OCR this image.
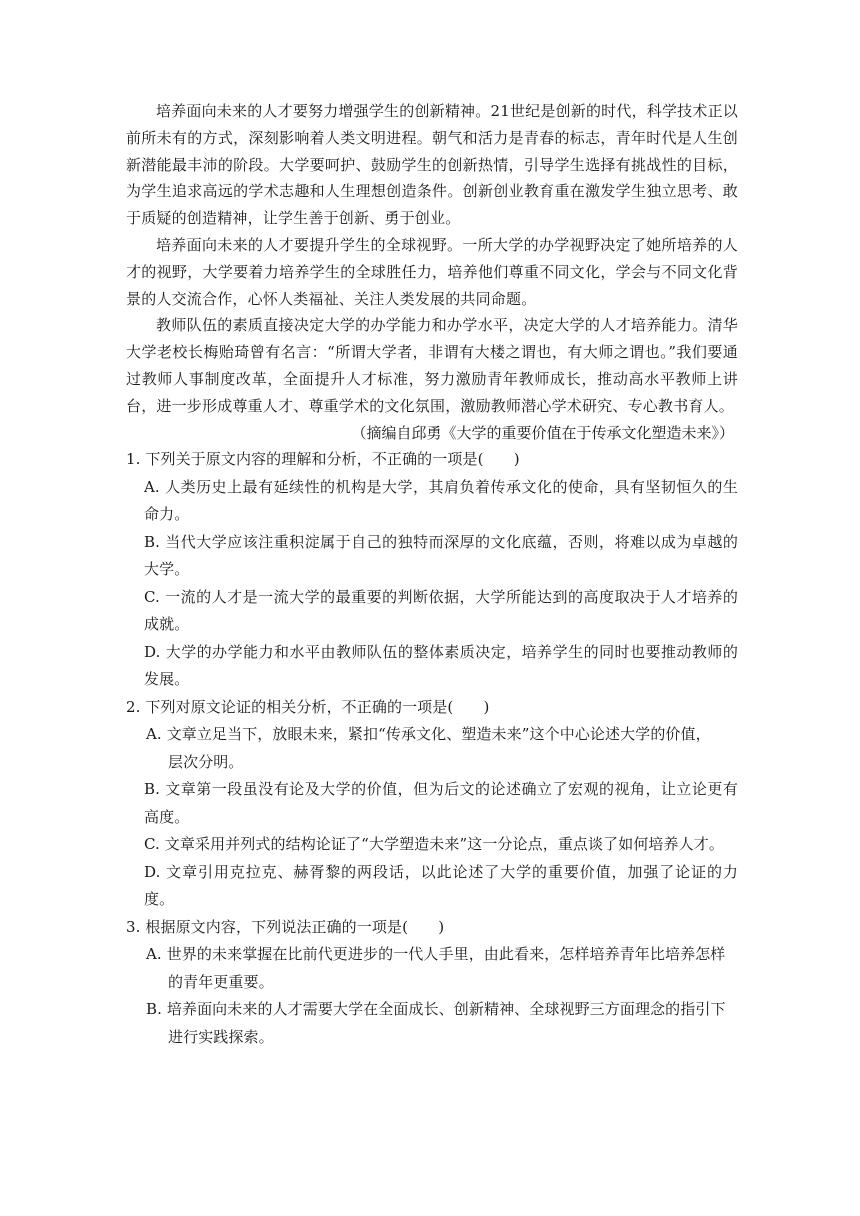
培养面向未来的人才要努力增强学生的创新精神。21世纪是创新的时代，科学技术正以前所未有的方式，深刻影响着人类文明进程。朝气和活力是青春的标志，青年时代是人生创新潜能最丰沛的阶段。大学要呵护、鼓励学生的创新热情，引导学生选择有挑战性的目标，为学生追求高远的学术志趣和人生理想创造条件。创新创业教育重在激发学生独立思考、敢于质疑的创造精神，让学生善于创新、勇于创业。

培养面向未来的人才要提升学生的全球视野。一所大学的办学视野决定了她所培养的人才的视野，大学要着力培养学生的全球胜任力，培养他们尊重不同文化，学会与不同文化背景的人交流合作，心怀人类福祉、关注人类发展的共同命题。

教师队伍的素质直接决定大学的办学能力和办学水平，决定大学的人才培养能力。清华大学老校长梅贻琦曾有名言：“所谓大学者，非谓有大楼之谓也，有大师之谓也。”我们要通过教师人事制度改革，全面提升人才标准，努力激励青年教师成长，推动高水平教师上讲台，进一步形成尊重人才、尊重学术的文化氛围，激励教师潜心学术研究、专心教书育人。

（摘编自邱勇《大学的重要价值在于传承文化塑造未来》）

1. 下列关于原文内容的理解和分析，不正确的一项是(　　)

A. 人类历史上最有延续性的机构是大学，其肩负着传承文化的使命，具有坚韧恒久的生命力。

B. 当代大学应该注重积淀属于自己的独特而深厚的文化底蕴，否则，将难以成为卓越的大学。

C. 一流的人才是一流大学的最重要的判断依据，大学所能达到的高度取决于人才培养的成就。

D. 大学的办学能力和水平由教师队伍的整体素质决定，培养学生的同时也要推动教师的发展。

2. 下列对原文论证的相关分析，不正确的一项是(　　)

A. 文章立足当下，放眼未来，紧扣“传承文化、塑造未来”这个中心论述大学的价值，
层次分明。

B. 文章第一段虽没有论及大学的价值，但为后文的论述确立了宏观的视角，让立论更有高度。

C. 文章采用并列式的结构论证了“大学塑造未来”这一分论点，重点谈了如何培养人才。

D. 文章引用克拉克、赫胥黎的两段话，以此论述了大学的重要价值，加强了论证的力度。

3. 根据原文内容，下列说法正确的一项是(　　)

A. 世界的未来掌握在比前代更进步的一代人手里，由此看来，怎样培养青年比培养怎样
的青年更重要。

B. 培养面向未来的人才需要大学在全面成长、创新精神、全球视野三方面理念的指引下
进行实践探索。
